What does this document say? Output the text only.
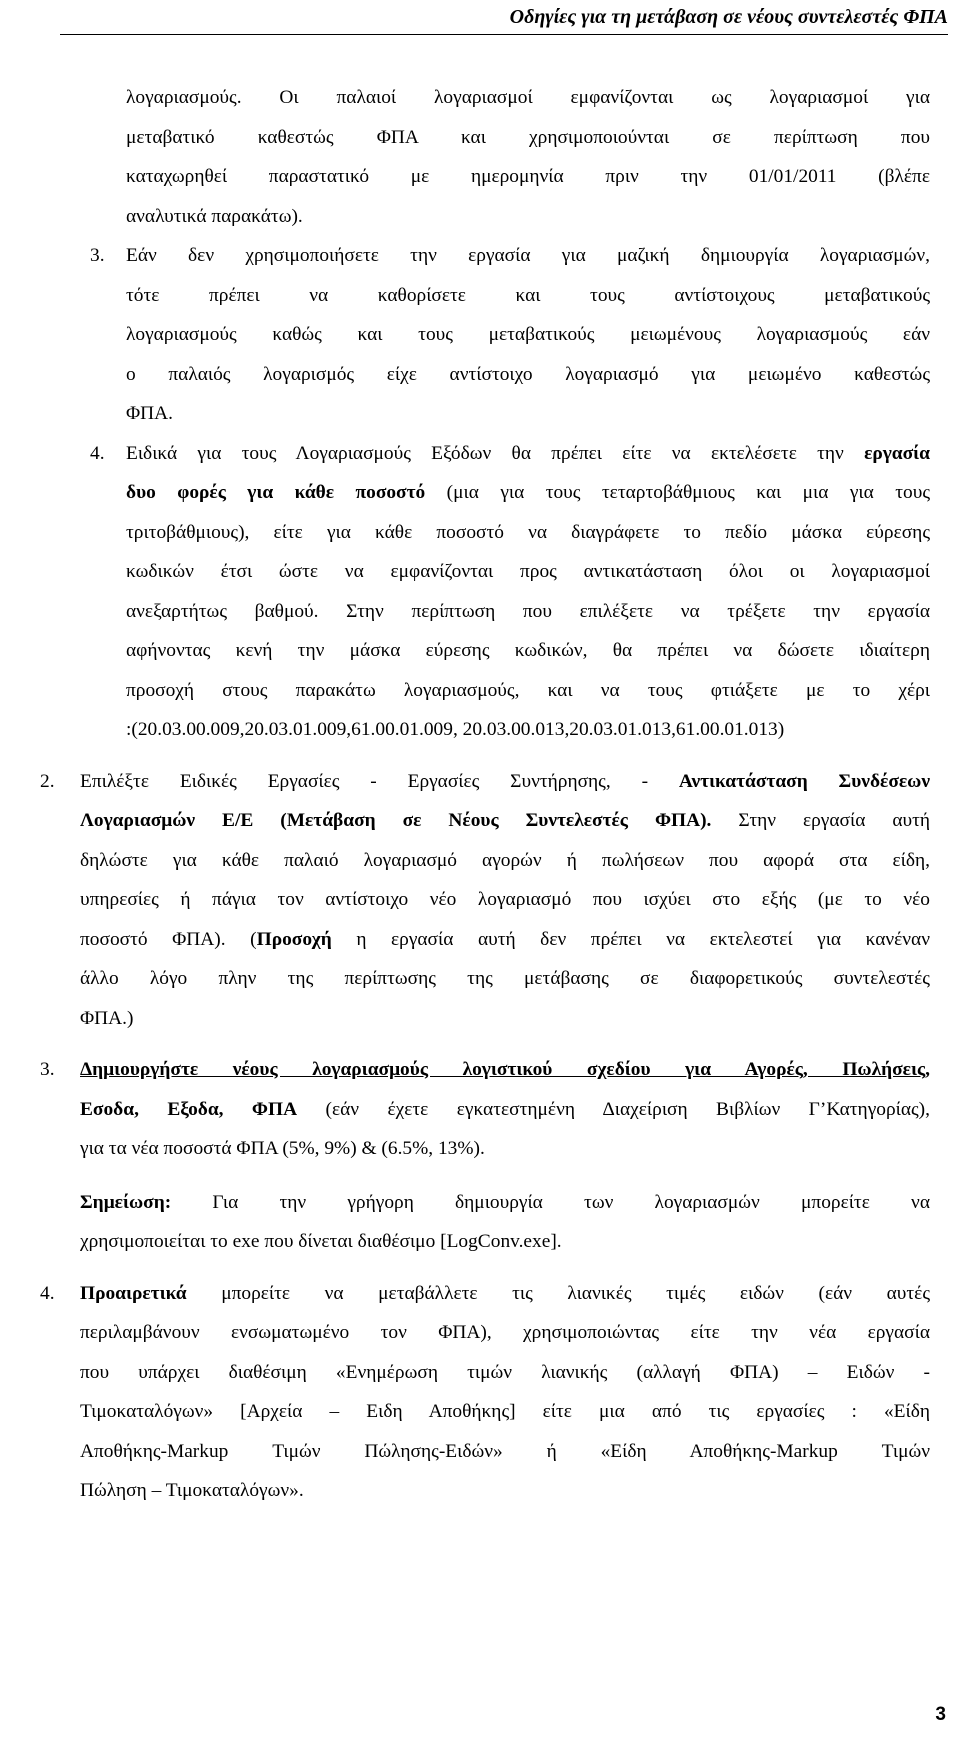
Οδηγίες για τη μετάβαση σε νέους συντελεστές ΦΠΑ
λογαριασμούς. Οι παλαιοί λογαριασμοί εμφανίζονται ως λογαριασμοί για
μεταβατικό καθεστώς ΦΠΑ και χρησιμοποιούνται σε περίπτωση που
καταχωρηθεί παραστατικό με ημερομηνία πριν την 01/01/2011 (βλέπε
αναλυτικά παρακάτω).
3. Εάν δεν χρησιμοποιήσετε την εργασία για μαζική δημιουργία λογαριασμών,
τότε πρέπει να καθορίσετε και τους αντίστοιχους μεταβατικούς
λογαριασμούς καθώς και τους μεταβατικούς μειωμένους λογαριασμούς εάν
ο παλαιός λογαρισμός είχε αντίστοιχο λογαριασμό για μειωμένο καθεστώς
ΦΠΑ.
4. Ειδικά για τους Λογαριασμούς Εξόδων θα πρέπει είτε να εκτελέσετε την εργασία
δυο φορές για κάθε ποσοστό (μια για τους τεταρτοβάθμιους και μια για τους
τριτοβάθμιους), είτε για κάθε ποσοστό να διαγράφετε το πεδίο μάσκα εύρεσης
κωδικών έτσι ώστε να εμφανίζονται προς αντικατάσταση όλοι οι λογαριασμοί
ανεξαρτήτως βαθμού. Στην περίπτωση που επιλέξετε να τρέξετε την εργασία
αφήνοντας κενή την μάσκα εύρεσης κωδικών, θα πρέπει να δώσετε ιδιαίτερη
προσοχή στους παρακάτω λογαριασμούς, και να τους φτιάξετε με το χέρι
:(20.03.00.009,20.03.01.009,61.00.01.009, 20.03.00.013,20.03.01.013,61.00.01.013)
2. Επιλέξτε Ειδικές Εργασίες - Εργασίες Συντήρησης, - Αντικατάσταση Συνδέσεων
Λογαριασμών Ε/Ε (Μετάβαση σε Νέους Συντελεστές ΦΠΑ). Στην εργασία αυτή
δηλώστε για κάθε παλαιό λογαριασμό αγορών ή πωλήσεων που αφορά στα είδη,
υπηρεσίες ή πάγια τον αντίστοιχο νέο λογαριασμό που ισχύει στο εξής (με το νέο
ποσοστό ΦΠΑ). (Προσοχή η εργασία αυτή δεν πρέπει να εκτελεστεί για κανέναν
άλλο λόγο πλην της περίπτωσης της μετάβασης σε διαφορετικούς συντελεστές
ΦΠΑ.)
3. Δημιουργήστε νέους λογαριασμούς λογιστικού σχεδίου για Αγορές, Πωλήσεις,
Εσοδα, Εξοδα, ΦΠΑ (εάν έχετε εγκατεστημένη Διαχείριση Βιβλίων Γ’Κατηγορίας),
για τα νέα ποσοστά ΦΠΑ (5%, 9%) & (6.5%, 13%).
Σημείωση: Για την γρήγορη δημιουργία των λογαριασμών μπορείτε να
χρησιμοποιείται το exe που δίνεται διαθέσιμο [LogConv.exe].
4. Προαιρετικά μπορείτε να μεταβάλλετε τις λιανικές τιμές ειδών (εάν αυτές
περιλαμβάνουν ενσωματωμένο τον ΦΠΑ), χρησιμοποιώντας είτε την νέα εργασία
που υπάρχει διαθέσιμη «Ενημέρωση τιμών λιανικής (αλλαγή ΦΠΑ) – Ειδών -
Τιμοκαταλόγων» [Αρχεία – Ειδη Αποθήκης] είτε μια από τις εργασίες : «Είδη
Αποθήκης-Markup Τιμών Πώλησης-Ειδών» ή «Είδη Αποθήκης-Markup Τιμών
Πώληση – Τιμοκαταλόγων».
3
